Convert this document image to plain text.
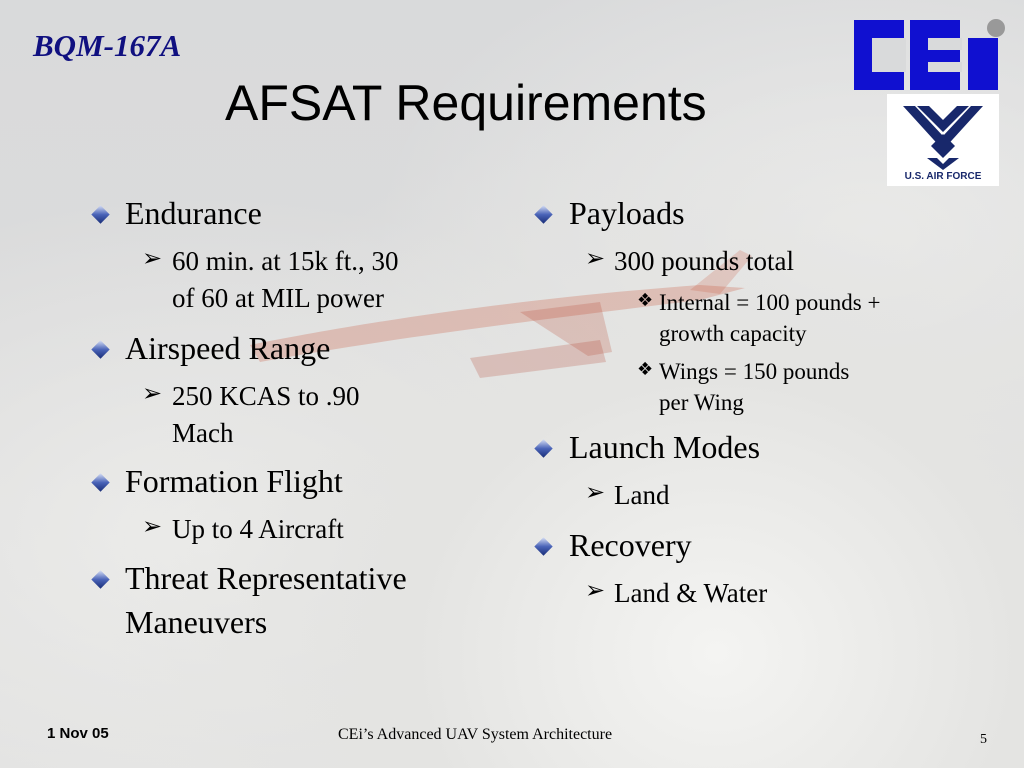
BQM-167A
AFSAT Requirements
U.S. AIR FORCE
Endurance
➢ 60 min. at 15k ft., 30
of 60 at MIL power
Airspeed Range
➢ 250 KCAS to .90
Mach
Formation Flight
➢ Up to 4 Aircraft
Threat Representative
Maneuvers
Payloads
➢ 300 pounds total
❖ Internal = 100 pounds +
growth capacity
❖ Wings = 150 pounds
per Wing
Launch Modes
➢ Land
Recovery
➢ Land & Water
1 Nov 05	CEi’s Advanced UAV System Architecture	5
